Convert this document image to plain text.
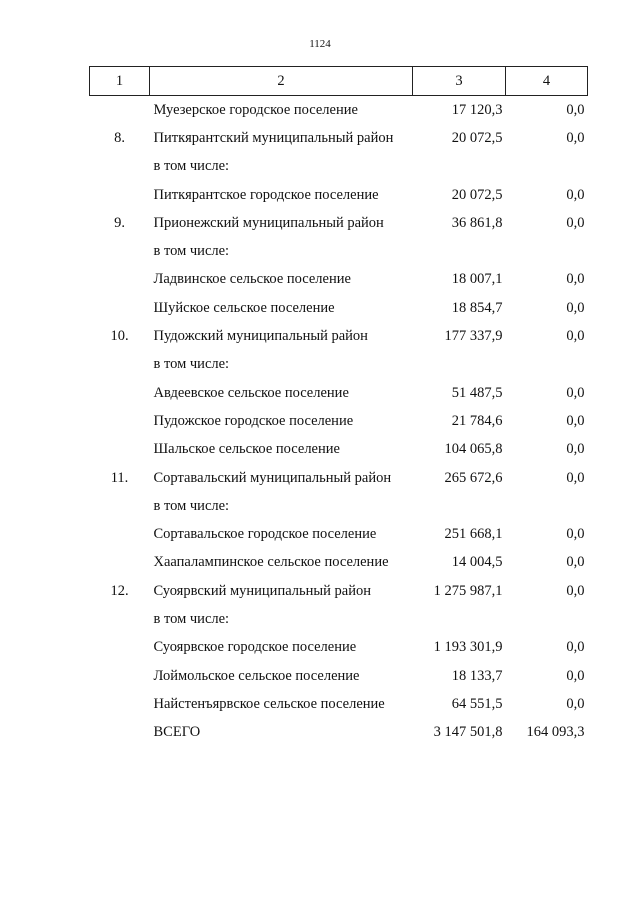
1124
1	2	3	4
	Муезерское городское поселение	17 120,3	0,0
8.	Питкярантский муниципальный район	20 072,5	0,0
	в том числе:		
	Питкярантское городское поселение	20 072,5	0,0
9.	Прионежский муниципальный район	36 861,8	0,0
	в том числе:		
	Ладвинское сельское поселение	18 007,1	0,0
	Шуйское сельское поселение	18 854,7	0,0
10.	Пудожский муниципальный район	177 337,9	0,0
	в том числе:		
	Авдеевское сельское поселение	51 487,5	0,0
	Пудожское городское поселение	21 784,6	0,0
	Шальское сельское поселение	104 065,8	0,0
11.	Сортавальский муниципальный район	265 672,6	0,0
	в том числе:		
	Сортавальское городское поселение	251 668,1	0,0
	Хаапалампинское сельское поселение	14 004,5	0,0
12.	Суоярвский муниципальный район	1 275 987,1	0,0
	в том числе:		
	Суоярвское городское поселение	1 193 301,9	0,0
	Лоймольское сельское поселение	18 133,7	0,0
	Найстенъярвское сельское поселение	64 551,5	0,0
	ВСЕГО	3 147 501,8	164 093,3
